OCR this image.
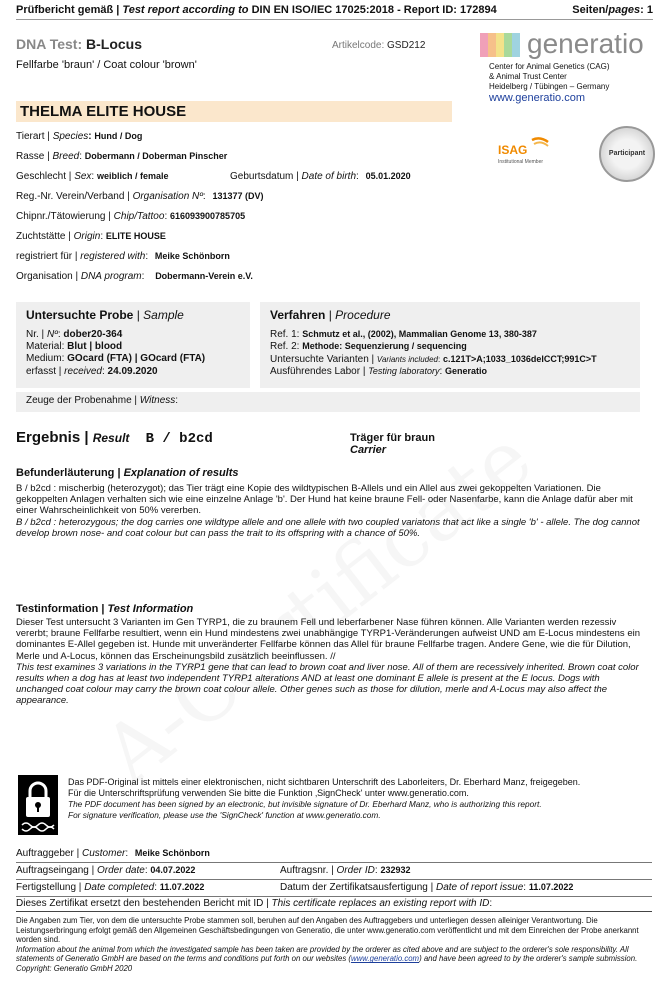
Prüfbericht gemäß | Test report according to DIN EN ISO/IEC 17025:2018 - Report ID: 172894	Seiten/pages: 1
DNA Test: B-Locus
Fellfarbe 'braun' / Coat colour 'brown'
Artikelcode: GSD212	generatio
Center for Animal Genetics (CAG)
& Animal Trust Center
Heidelberg / Tübingen – Germany
www.generatio.com
THELMA ELITE HOUSE
ISAG
Institutional Member
Participant
Tierart | Species: Hund / Dog
Rasse | Breed: Dobermann / Doberman Pinscher
Geschlecht | Sex: weiblich / female	Geburtsdatum | Date of birth: 05.01.2020
Reg.-Nr. Verein/Verband | Organisation Nº: 131377 (DV)
Chipnr./Tätowierung | Chip/Tattoo: 616093900785705
Zuchtstätte | Origin: ELITE HOUSE
registriert für | registered with: Meike Schönborn
Organisation | DNA program: Dobermann-Verein e.V.
Untersuchte Probe | Sample
Nr. | Nº: dober20-364
Material: Blut | blood
Medium: GOcard (FTA) | GOcard (FTA)
erfasst | received: 24.09.2020
Verfahren | Procedure
Ref. 1: Schmutz et al., (2002), Mammalian Genome 13, 380-387
Ref. 2: Methode: Sequenzierung / sequencing
Untersuchte Varianten | Variants included: c.121T>A;1033_1036delCCT;991C>T
Ausführendes Labor | Testing laboratory: Generatio
Zeuge der Probenahme | Witness:
Ergebnis | Result B / b2cd	Träger für braun
Carrier
Befunderläuterung | Explanation of results
B / b2cd : mischerbig (heterozygot); das Tier trägt eine Kopie des wildtypischen B-Allels und ein Allel aus zwei gekoppelten Variationen. Die gekoppelten Anlagen verhalten sich wie eine einzelne Anlage 'b'. Der Hund hat keine braune Fell- oder Nasenfarbe, kann die Anlage dafür aber mit einer Wahrscheinlichkeit von 50% vererben.
B / b2cd : heterozygous; the dog carries one wildtype allele and one allele with two coupled variatons that act like a single 'b' - allele. The dog cannot develop brown nose- and coat colour but can pass the trait to its offspring with a chance of 50%.
Testinformation | Test Information
Dieser Test untersucht 3 Varianten im Gen TYRP1, die zu braunem Fell und leberfarbener Nase führen können. Alle Varianten werden rezessiv vererbt; braune Fellfarbe resultiert, wenn ein Hund mindestens zwei unabhängige TYRP1-Veränderungen aufweist UND am E-Locus mindestens ein dominantes E-Allel gegeben ist. Hunde mit unveränderter Fellfarbe können das Allel für braune Fellfarbe tragen. Andere Gene, wie die für Dilution, Merle und A-Locus, können das Erscheinungsbild zusätzlich beeinflussen. //
This test examines 3 variations in the TYRP1 gene that can lead to brown coat and liver nose. All of them are recessively inherited. Brown coat color results when a dog has at least two independent TYRP1 alterations AND at least one dominant E allele is present at the E locus. Dogs with unchanged coat colour may carry the brown coat colour allele. Other genes such as those for dilution, merle and A-Locus may also affect the appearance.
Das PDF-Original ist mittels einer elektronischen, nicht sichtbaren Unterschrift des Laborleiters, Dr. Eberhard Manz, freigegeben.
Für die Unterschriftsprüfung verwenden Sie bitte die Funktion ‚SignCheck' unter www.generatio.com.
The PDF document has been signed by an electronic, but invisible signature of Dr. Eberhard Manz, who is authorizing this report.
For signature verification, please use the 'SignCheck' function at www.generatio.com.
Auftraggeber | Customer: Meike Schönborn
Auftragseingang | Order date: 04.07.2022	Auftragsnr. | Order ID: 232932
Fertigstellung | Date completed: 11.07.2022	Datum der Zertifikatsausfertigung | Date of report issue: 11.07.2022
Dieses Zertifikat ersetzt den bestehenden Bericht mit ID | This certificate replaces an existing report with ID:
Die Angaben zum Tier, von dem die untersuchte Probe stammen soll, beruhen auf den Angaben des Auftraggebers und unterliegen dessen alleiniger Verantwortung. Die Leistungserbringung erfolgt gemäß den Allgemeinen Geschäftsbedingungen von Generatio, die unter www.generatio.com veröffentlicht und mit dem Einreichen der Probe anerkannt worden sind.
Information about the animal from which the investigated sample has been taken are provided by the orderer as cited above and are subject to the orderer's sole responsibility. All statements of Generatio GmbH are based on the terms and conditions put forth on our websites (www.generatio.com) and have been agreed to by the orderer's sample submission. Copyright: Generatio GmbH 2020
